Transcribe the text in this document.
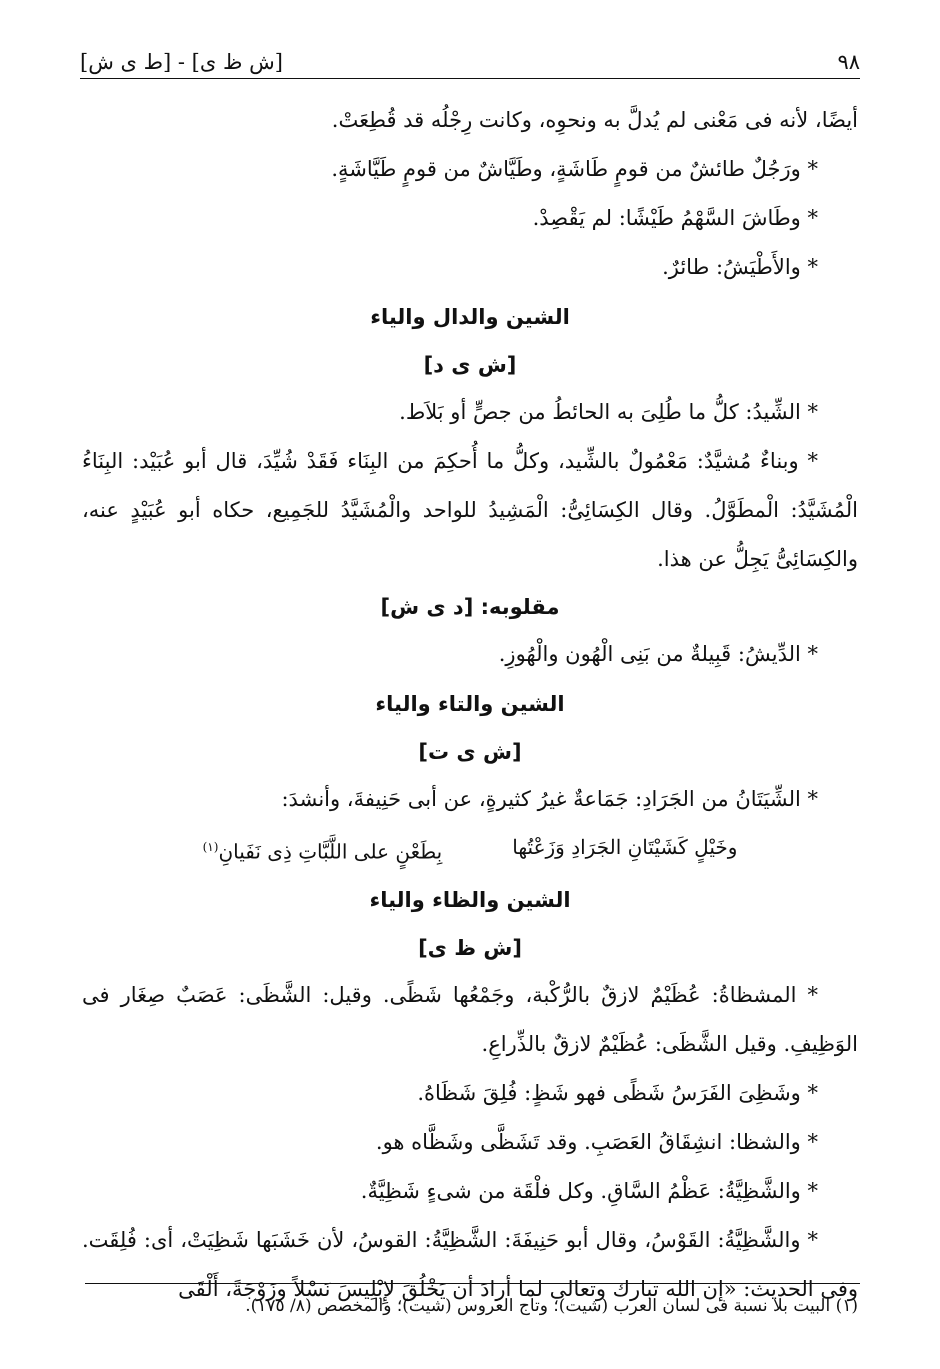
[ط ى ش] - [ش ظ ى]	٩٨

أيضًا، لأنه فى مَعْنى لم يُدلَّ به ونحوِه، وكانت رِجْلُه قد قُطِعَتْ.

* ورَجُلٌ طائشٌ من قومٍ طَاشَةٍ، وطَيَّاشٌ من قومٍ طَيَّاشَةٍ.

* وطَاشَ السَّهْمُ طَيْشًا: لم يَقْصِدْ.

* والأَطْيَشُ: طائرٌ.

الشين والدال والياء
[ش ى د]

* الشِّيدُ: كلُّ ما طُلِىَ به الحائطُ من جصٍّ أو بَلاَط.

* وبناءٌ مُشيَّدٌ: مَعْمُولٌ بالشِّيد، وكلُّ ما أُحكِمَ من البِنَاء فَقَدْ شُيِّدَ، قال أبو عُبَيْد: البِنَاءُ الْمُشَيَّدُ: الْمطَوَّلُ. وقال الكِسَائِىُّ: الْمَشِيدُ للواحد والْمُشَيَّدُ للجَمِيع، حكاه أبو عُبَيْدٍ عنه، والكِسَائِىُّ يَجِلُّ عن هذا.

مقلوبه: [د ى ش]

* الدِّيشُ: قَبِيلةٌ من بَنِى الْهُون والْهُوزِ.

الشين والتاء والياء
[ش ى ت]

* الشِّيَتَانُ من الجَرَادِ: جَمَاعةٌ غيرُ كثيرةٍ، عن أبى حَنِيفةَ، وأنشدَ:

وخَيْلٍ كَشَيْتَانِ الجَرَادِ وَزَعْتُها
بِطَعْنٍ على اللَّبَّاتِ ذِى نَفَيانِ$^{(١)}$
الشين والظاء والياء
[ش ظ ى]

* المشظاةُ: عُظَيْمٌ لازقٌ بالرُّكْبة، وجَمْعُها شَظًى. وقيل: الشَّظَى: عَصَبٌ صِغَار فى الوَظِيفِ. وقيل الشَّظَى: عُظَيْمٌ لازقٌ بالذِّراعِ.

* وشَظِىَ الفَرَسُ شَظًى فهو شَظٍ: فُلِقَ شَظَاهُ.

* والشظا: انشِقَاقُ العَصَبِ. وقد تَشَظَّى وشَظَّاه هو.

* والشَّظِيَّةُ: عَظْمُ السَّاقِ. وكل فلْقَة من شىءٍ شَظِيَّةٌ.

* والشَّظِيَّةُ: القَوْسُ، وقال أبو حَنِيفَةَ: الشَّظِيَّةُ: القوسُ، لأن خَشَبَها شَظِيَتْ، أى: فُلِقَت. وفى الحديث: «إن الله تبارك وتعالى لما أرادَ أن يَخْلُقَ لإِبْلِيسَ نَسْلاً وزَوْجَةً، أَلْقَى

(١) البيت بلا نسبة فى لسان العرب (شيت)؛ وتاج العروس (شيت)؛ والمخصص (٨/ ١٧٥).
